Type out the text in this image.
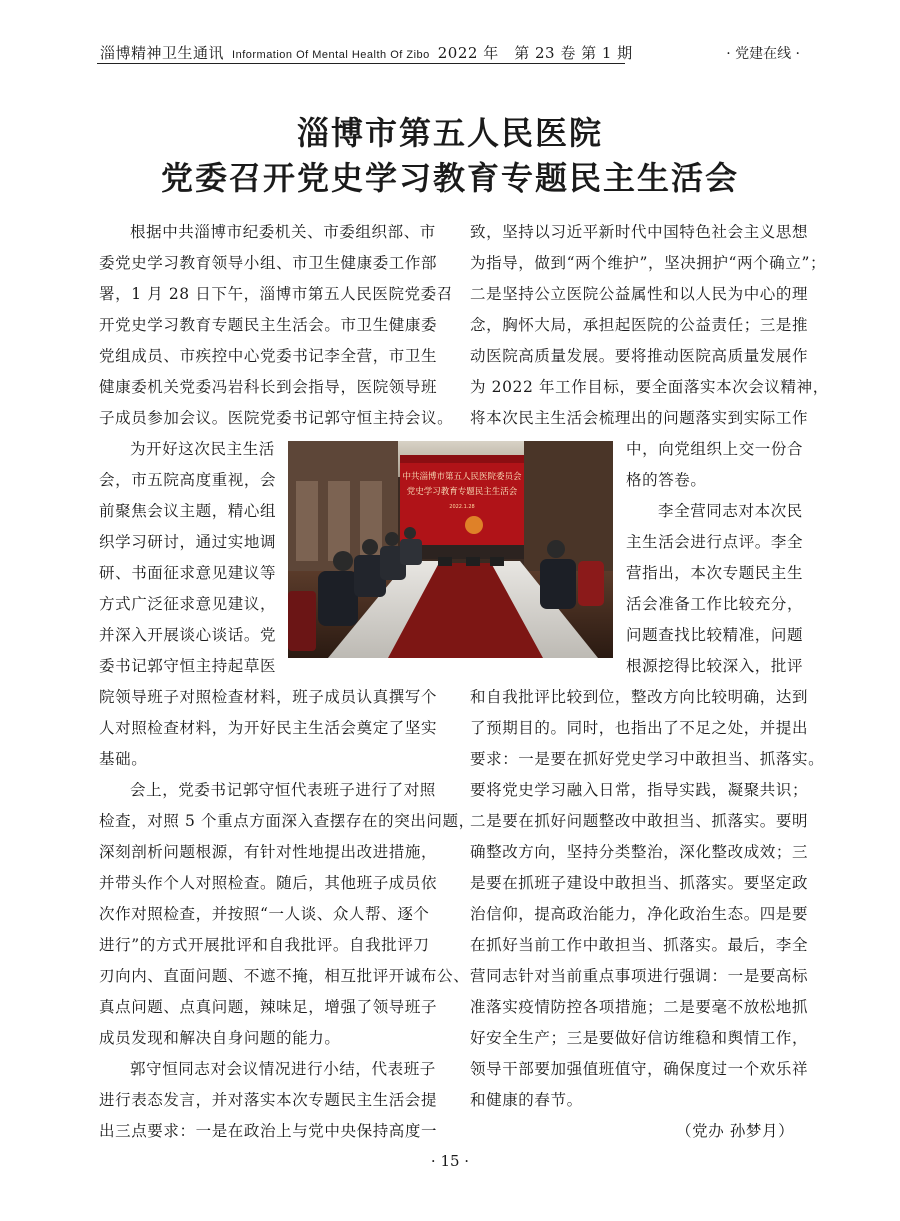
淄博精神卫生通讯 Information Of Mental Health Of Zibo 2022 年　第 23 卷 第 1 期	· 党建在线 ·
淄博市第五人民医院
党委召开党史学习教育专题民主生活会
根据中共淄博市纪委机关、市委组织部、市
委党史学习教育领导小组、市卫生健康委工作部
署，1 月 28 日下午，淄博市第五人民医院党委召
开党史学习教育专题民主生活会。市卫生健康委
党组成员、市疾控中心党委书记李全营，市卫生
健康委机关党委冯岩科长到会指导，医院领导班
子成员参加会议。医院党委书记郭守恒主持会议。
为开好这次民主生活
会，市五院高度重视，会
前聚焦会议主题，精心组
织学习研讨，通过实地调
研、书面征求意见建议等
方式广泛征求意见建议，
并深入开展谈心谈话。党
委书记郭守恒主持起草医
院领导班子对照检查材料，班子成员认真撰写个
人对照检查材料，为开好民主生活会奠定了坚实
基础。
会上，党委书记郭守恒代表班子进行了对照
检查，对照 5 个重点方面深入查摆存在的突出问题，
深刻剖析问题根源，有针对性地提出改进措施，
并带头作个人对照检查。随后，其他班子成员依
次作对照检查，并按照“一人谈、众人帮、逐个
进行”的方式开展批评和自我批评。自我批评刀
刃向内、直面问题、不遮不掩，相互批评开诚布公、
真点问题、点真问题，辣味足，增强了领导班子
成员发现和解决自身问题的能力。
郭守恒同志对会议情况进行小结，代表班子
进行表态发言，并对落实本次专题民主生活会提
出三点要求：一是在政治上与党中央保持高度一
致，坚持以习近平新时代中国特色社会主义思想
为指导，做到“两个维护”，坚决拥护“两个确立”；
二是坚持公立医院公益属性和以人民为中心的理
念，胸怀大局，承担起医院的公益责任；三是推
动医院高质量发展。要将推动医院高质量发展作
为 2022 年工作目标，要全面落实本次会议精神，
将本次民主生活会梳理出的问题落实到实际工作
中，向党组织上交一份合
格的答卷。
李全营同志对本次民
主生活会进行点评。李全
营指出，本次专题民主生
活会准备工作比较充分，
问题查找比较精准，问题
根源挖得比较深入，批评
和自我批评比较到位，整改方向比较明确，达到
了预期目的。同时，也指出了不足之处，并提出
要求：一是要在抓好党史学习中敢担当、抓落实。
要将党史学习融入日常，指导实践，凝聚共识；
二是要在抓好问题整改中敢担当、抓落实。要明
确整改方向，坚持分类整治，深化整改成效；三
是要在抓班子建设中敢担当、抓落实。要坚定政
治信仰，提高政治能力，净化政治生态。四是要
在抓好当前工作中敢担当、抓落实。最后，李全
营同志针对当前重点事项进行强调：一是要高标
准落实疫情防控各项措施；二是要毫不放松地抓
好安全生产；三是要做好信访维稳和舆情工作，
领导干部要加强值班值守，确保度过一个欢乐祥
和健康的春节。
（党办 孙梦月）
中共淄博市第五人民医院委员会
党史学习教育专题民主生活会
2022.1.28
· 15 ·
